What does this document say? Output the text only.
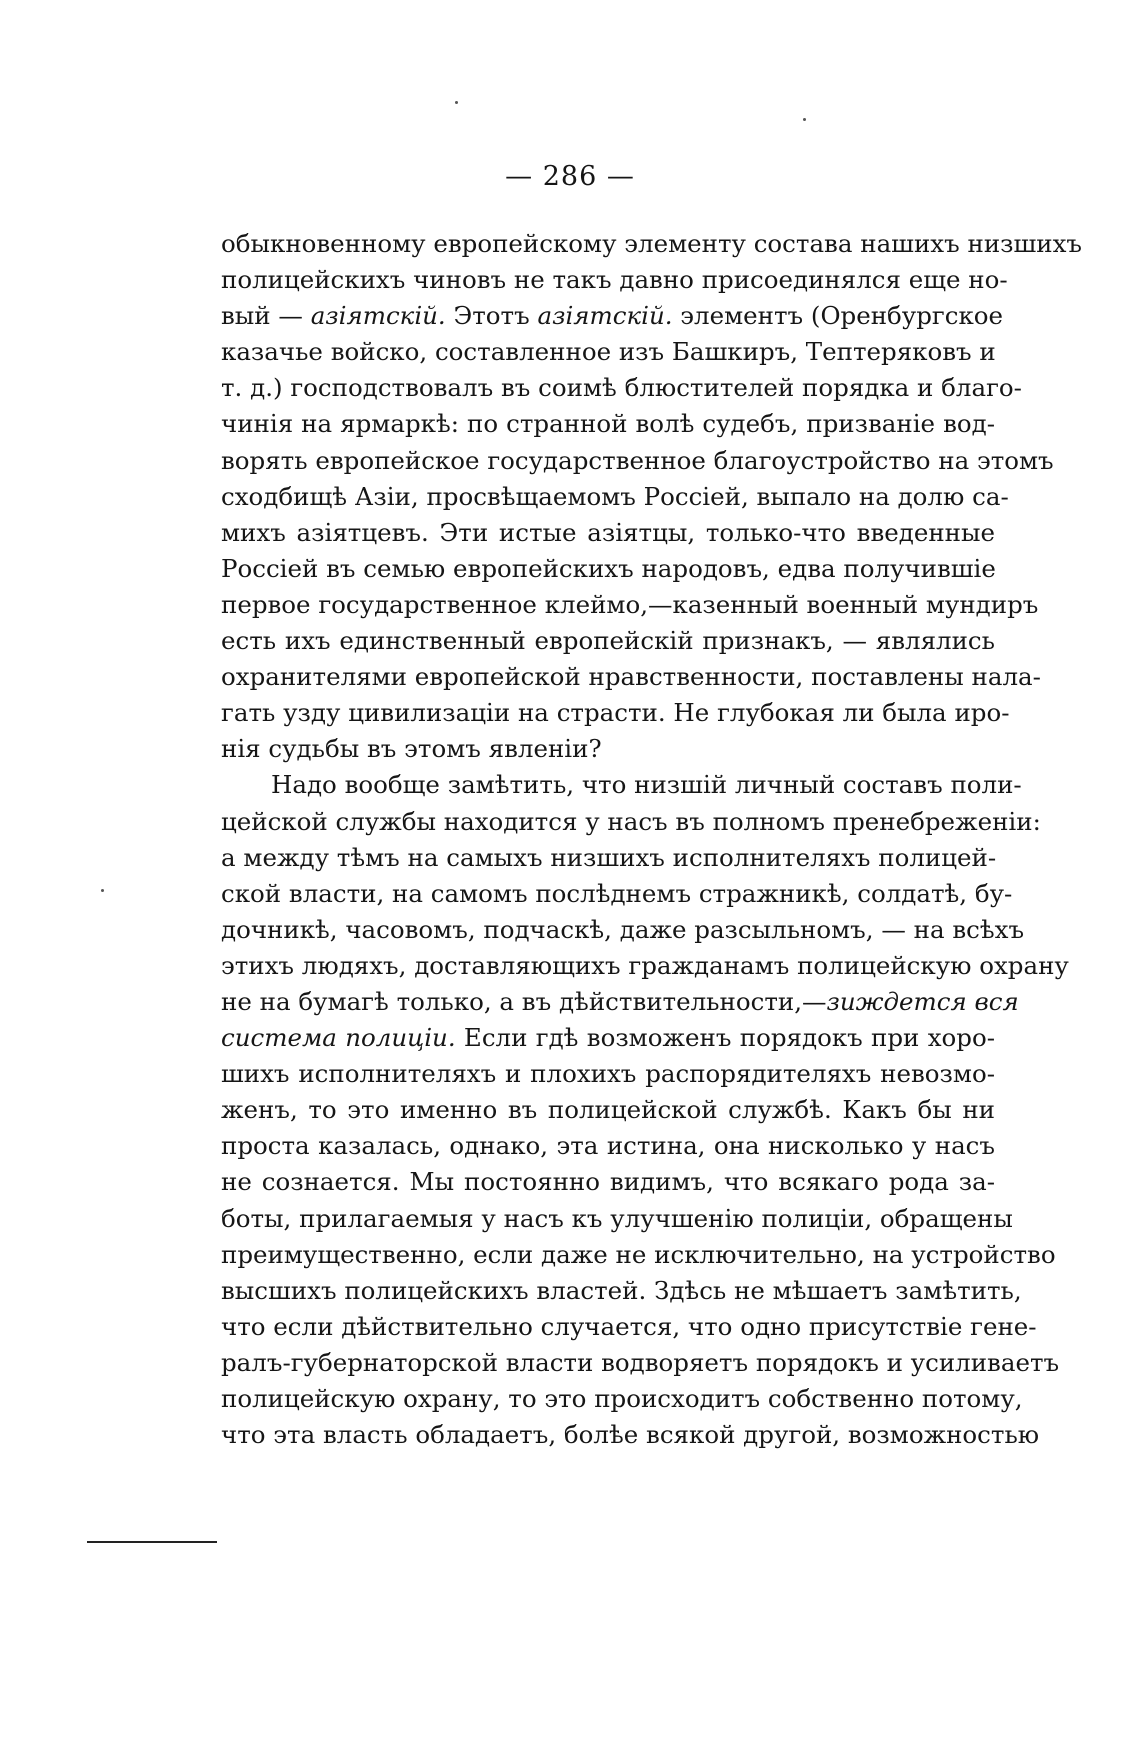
— 286 —
обыкновенному европейскому элементу состава нашихъ низшихъ
полицейскихъ чиновъ не такъ давно присоединялся еще но-
вый — азіятскій. Этотъ азіятскій. элементъ (Оренбургское
казачье войско, составленное изъ Башкиръ, Тептеряковъ и
т. д.) господствовалъ въ соимѣ блюстителей порядка и благо-
чинія на ярмаркѣ: по странной волѣ судебъ, призваніе вод-
ворять европейское государственное благоустройство на этомъ
сходбищѣ Азіи, просвѣщаемомъ Россіей, выпало на долю са-
михъ азіятцевъ. Эти истые азіятцы, только-что введенные
Россіей въ семью европейскихъ народовъ, едва получившіе
первое государственное клеймо,—казенный военный мундиръ
есть ихъ единственный европейскій признакъ, — являлись
охранителями европейской нравственности, поставлены нала-
гать узду цивилизаціи на страсти. Не глубокая ли была иро-
нія судьбы въ этомъ явленіи?
Надо вообще замѣтить, что низшій личный составъ поли-
цейской службы находится у насъ въ полномъ пренебреженіи:
а между тѣмъ на самыхъ низшихъ исполнителяхъ полицей-
ской власти, на самомъ послѣднемъ стражникѣ, солдатѣ, бу-
дочникѣ, часовомъ, подчаскѣ, даже разсыльномъ, — на всѣхъ
этихъ людяхъ, доставляющихъ гражданамъ полицейскую охрану
не на бумагѣ только, а въ дѣйствительности,—зиждется вся
система полиціи. Если гдѣ возможенъ порядокъ при хоро-
шихъ исполнителяхъ и плохихъ распорядителяхъ невозмо-
женъ, то это именно въ полицейской службѣ. Какъ бы ни
проста казалась, однако, эта истина, она нисколько у насъ
не сознается. Мы постоянно видимъ, что всякаго рода за-
боты, прилагаемыя у насъ къ улучшенію полиціи, обращены
преимущественно, если даже не исключительно, на устройство
высшихъ полицейскихъ властей. Здѣсь не мѣшаетъ замѣтить,
что если дѣйствительно случается, что одно присутствіе гене-
ралъ-губернаторской власти водворяетъ порядокъ и усиливаетъ
полицейскую охрану, то это происходитъ собственно потому,
что эта власть обладаетъ, болѣе всякой другой, возможностью
